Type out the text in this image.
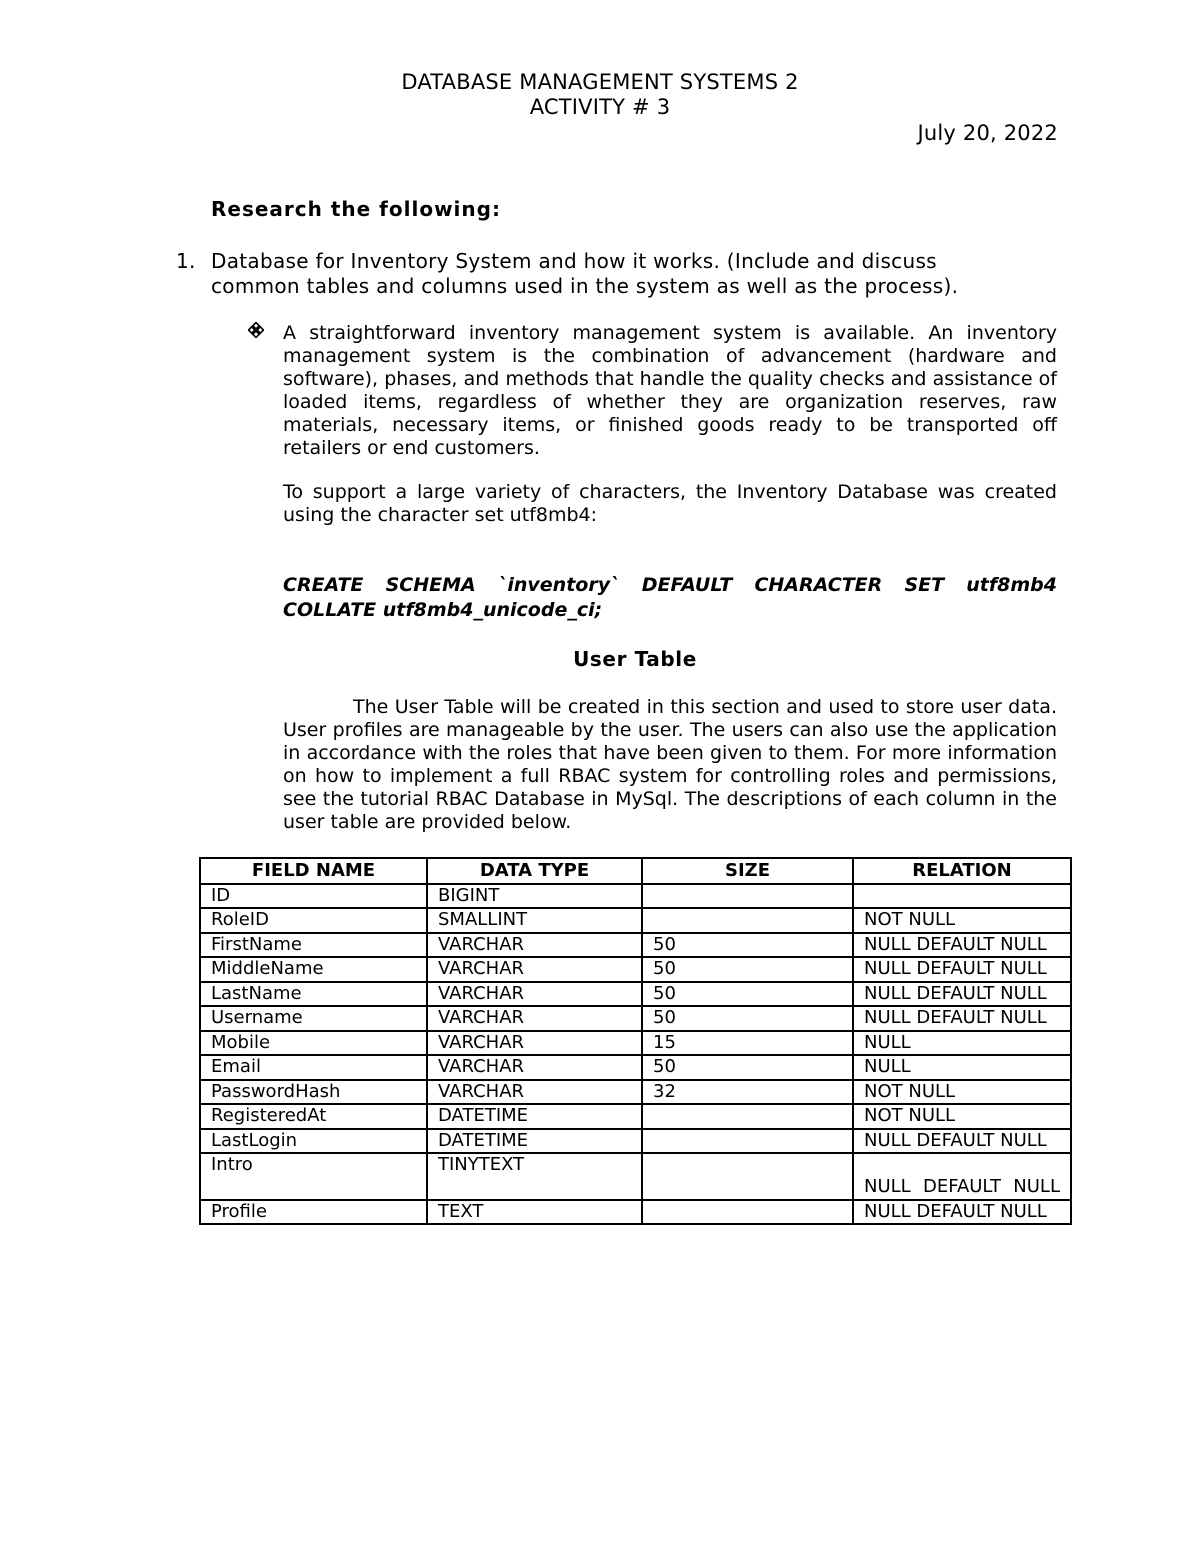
DATABASE MANAGEMENT SYSTEMS 2
ACTIVITY # 3
July 20, 2022
Research the following:
1. Database for Inventory System and how it works. (Include and discuss
common tables and columns used in the system as well as the process).

A straightforward inventory management system is available. An inventory management system is the combination of advancement (hardware and software), phases, and methods that handle the quality checks and assistance of loaded items, regardless of whether they are organization reserves, raw materials, necessary items, or finished goods ready to be transported off retailers or end customers.

To support a large variety of characters, the Inventory Database was created using the character set utf8mb4:

CREATE SCHEMA `inventory` DEFAULT CHARACTER SET utf8mb4 COLLATE utf8mb4_unicode_ci;

User Table

The User Table will be created in this section and used to store user data. User profiles are manageable by the user. The users can also use the application in accordance with the roles that have been given to them. For more information on how to implement a full RBAC system for controlling roles and permissions, see the tutorial RBAC Database in MySql. The descriptions of each column in the user table are provided below.

FIELD NAME	DATA TYPE	SIZE	RELATION
ID	BIGINT		
RoleID	SMALLINT		NOT NULL
FirstName	VARCHAR	50	NULL DEFAULT NULL
MiddleName	VARCHAR	50	NULL DEFAULT NULL
LastName	VARCHAR	50	NULL DEFAULT NULL
Username	VARCHAR	50	NULL DEFAULT NULL
Mobile	VARCHAR	15	NULL
Email	VARCHAR	50	NULL
PasswordHash	VARCHAR	32	NOT NULL
RegisteredAt	DATETIME		NOT NULL
LastLogin	DATETIME		NULL DEFAULT NULL
Intro	TINYTEXT		NULL DEFAULT NULL
Profile	TEXT		NULL DEFAULT NULL
